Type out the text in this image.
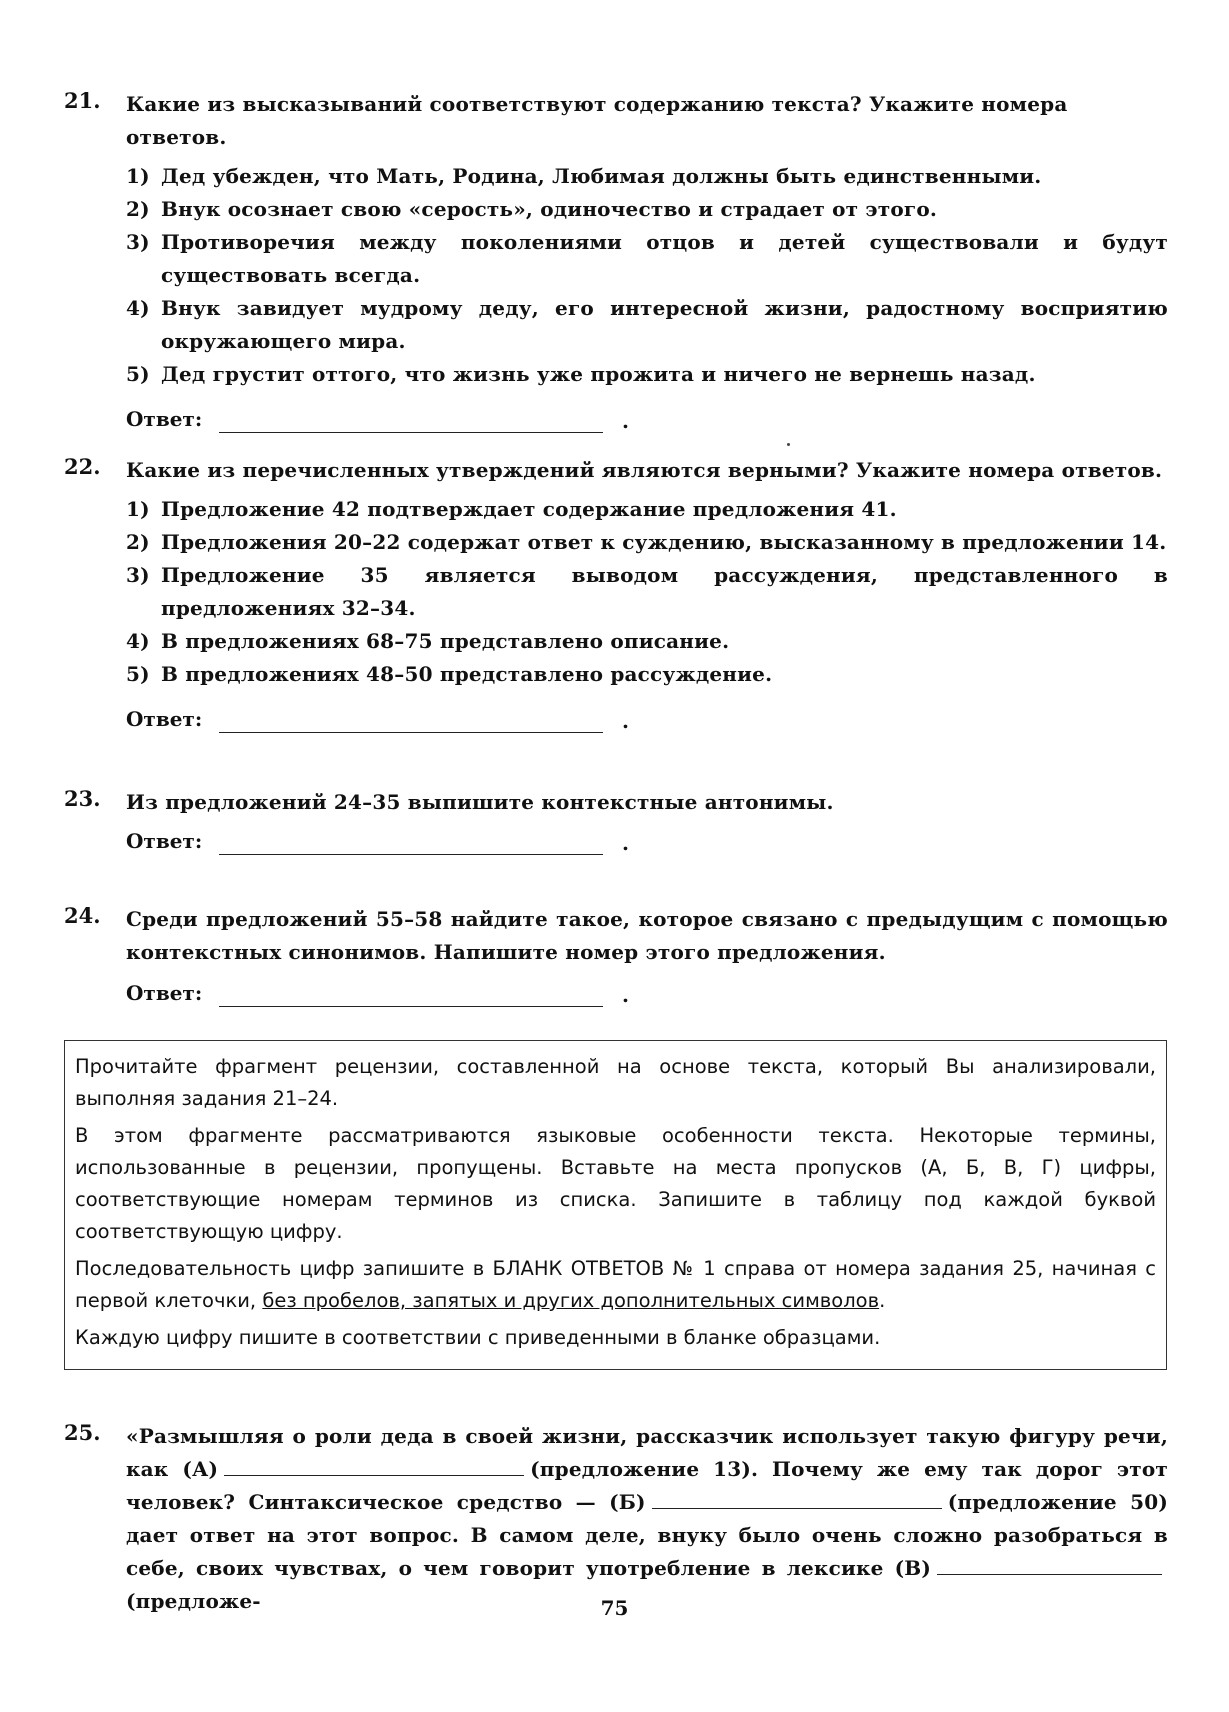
21. Какие из высказываний соответствуют содержанию текста? Укажите номера ответов.
1) Дед убежден, что Мать, Родина, Любимая должны быть единственными.
2) Внук осознает свою «серость», одиночество и страдает от этого.
3) Противоречия между поколениями отцов и детей существовали и будут существовать всегда.
4) Внук завидует мудрому деду, его интересной жизни, радостному восприятию окружающего мира.
5) Дед грустит оттого, что жизнь уже прожита и ничего не вернешь назад.
Ответ:	.
22. Какие из перечисленных утверждений являются верными? Укажите номера ответов.
1) Предложение 42 подтверждает содержание предложения 41.
2) Предложения 20–22 содержат ответ к суждению, высказанному в предложении 14.
3) Предложение 35 является выводом рассуждения, представленного в предложениях 32–34.
4) В предложениях 68–75 представлено описание.
5) В предложениях 48–50 представлено рассуждение.
Ответ:	.
23. Из предложений 24–35 выпишите контекстные антонимы.
Ответ:	.
24. Среди предложений 55–58 найдите такое, которое связано с предыдущим с помощью контекстных синонимов. Напишите номер этого предложения.
Ответ:	.

Прочитайте фрагмент рецензии, составленной на основе текста, который Вы анализировали, выполняя задания 21–24.

В этом фрагменте рассматриваются языковые особенности текста. Некоторые термины, использованные в рецензии, пропущены. Вставьте на места пропусков (А, Б, В, Г) цифры, соответствующие номерам терминов из списка. Запишите в таблицу под каждой буквой соответствующую цифру.

Последовательность цифр запишите в БЛАНК ОТВЕТОВ № 1 справа от номера задания 25, начиная с первой клеточки, без пробелов, запятых и других дополнительных символов.

Каждую цифру пишите в соответствии с приведенными в бланке образцами.

25. «Размышляя о роли деда в своей жизни, рассказчик использует такую фигуру речи, как (А)	(предложение 13). Почему же ему так дорог этот человек? Синтаксическое средство — (Б)	(предложение 50) дает ответ на этот вопрос. В самом деле, внуку было очень сложно разобраться в себе, своих чувствах, о чем говорит употребление в лексике (В)(предложе-	75
